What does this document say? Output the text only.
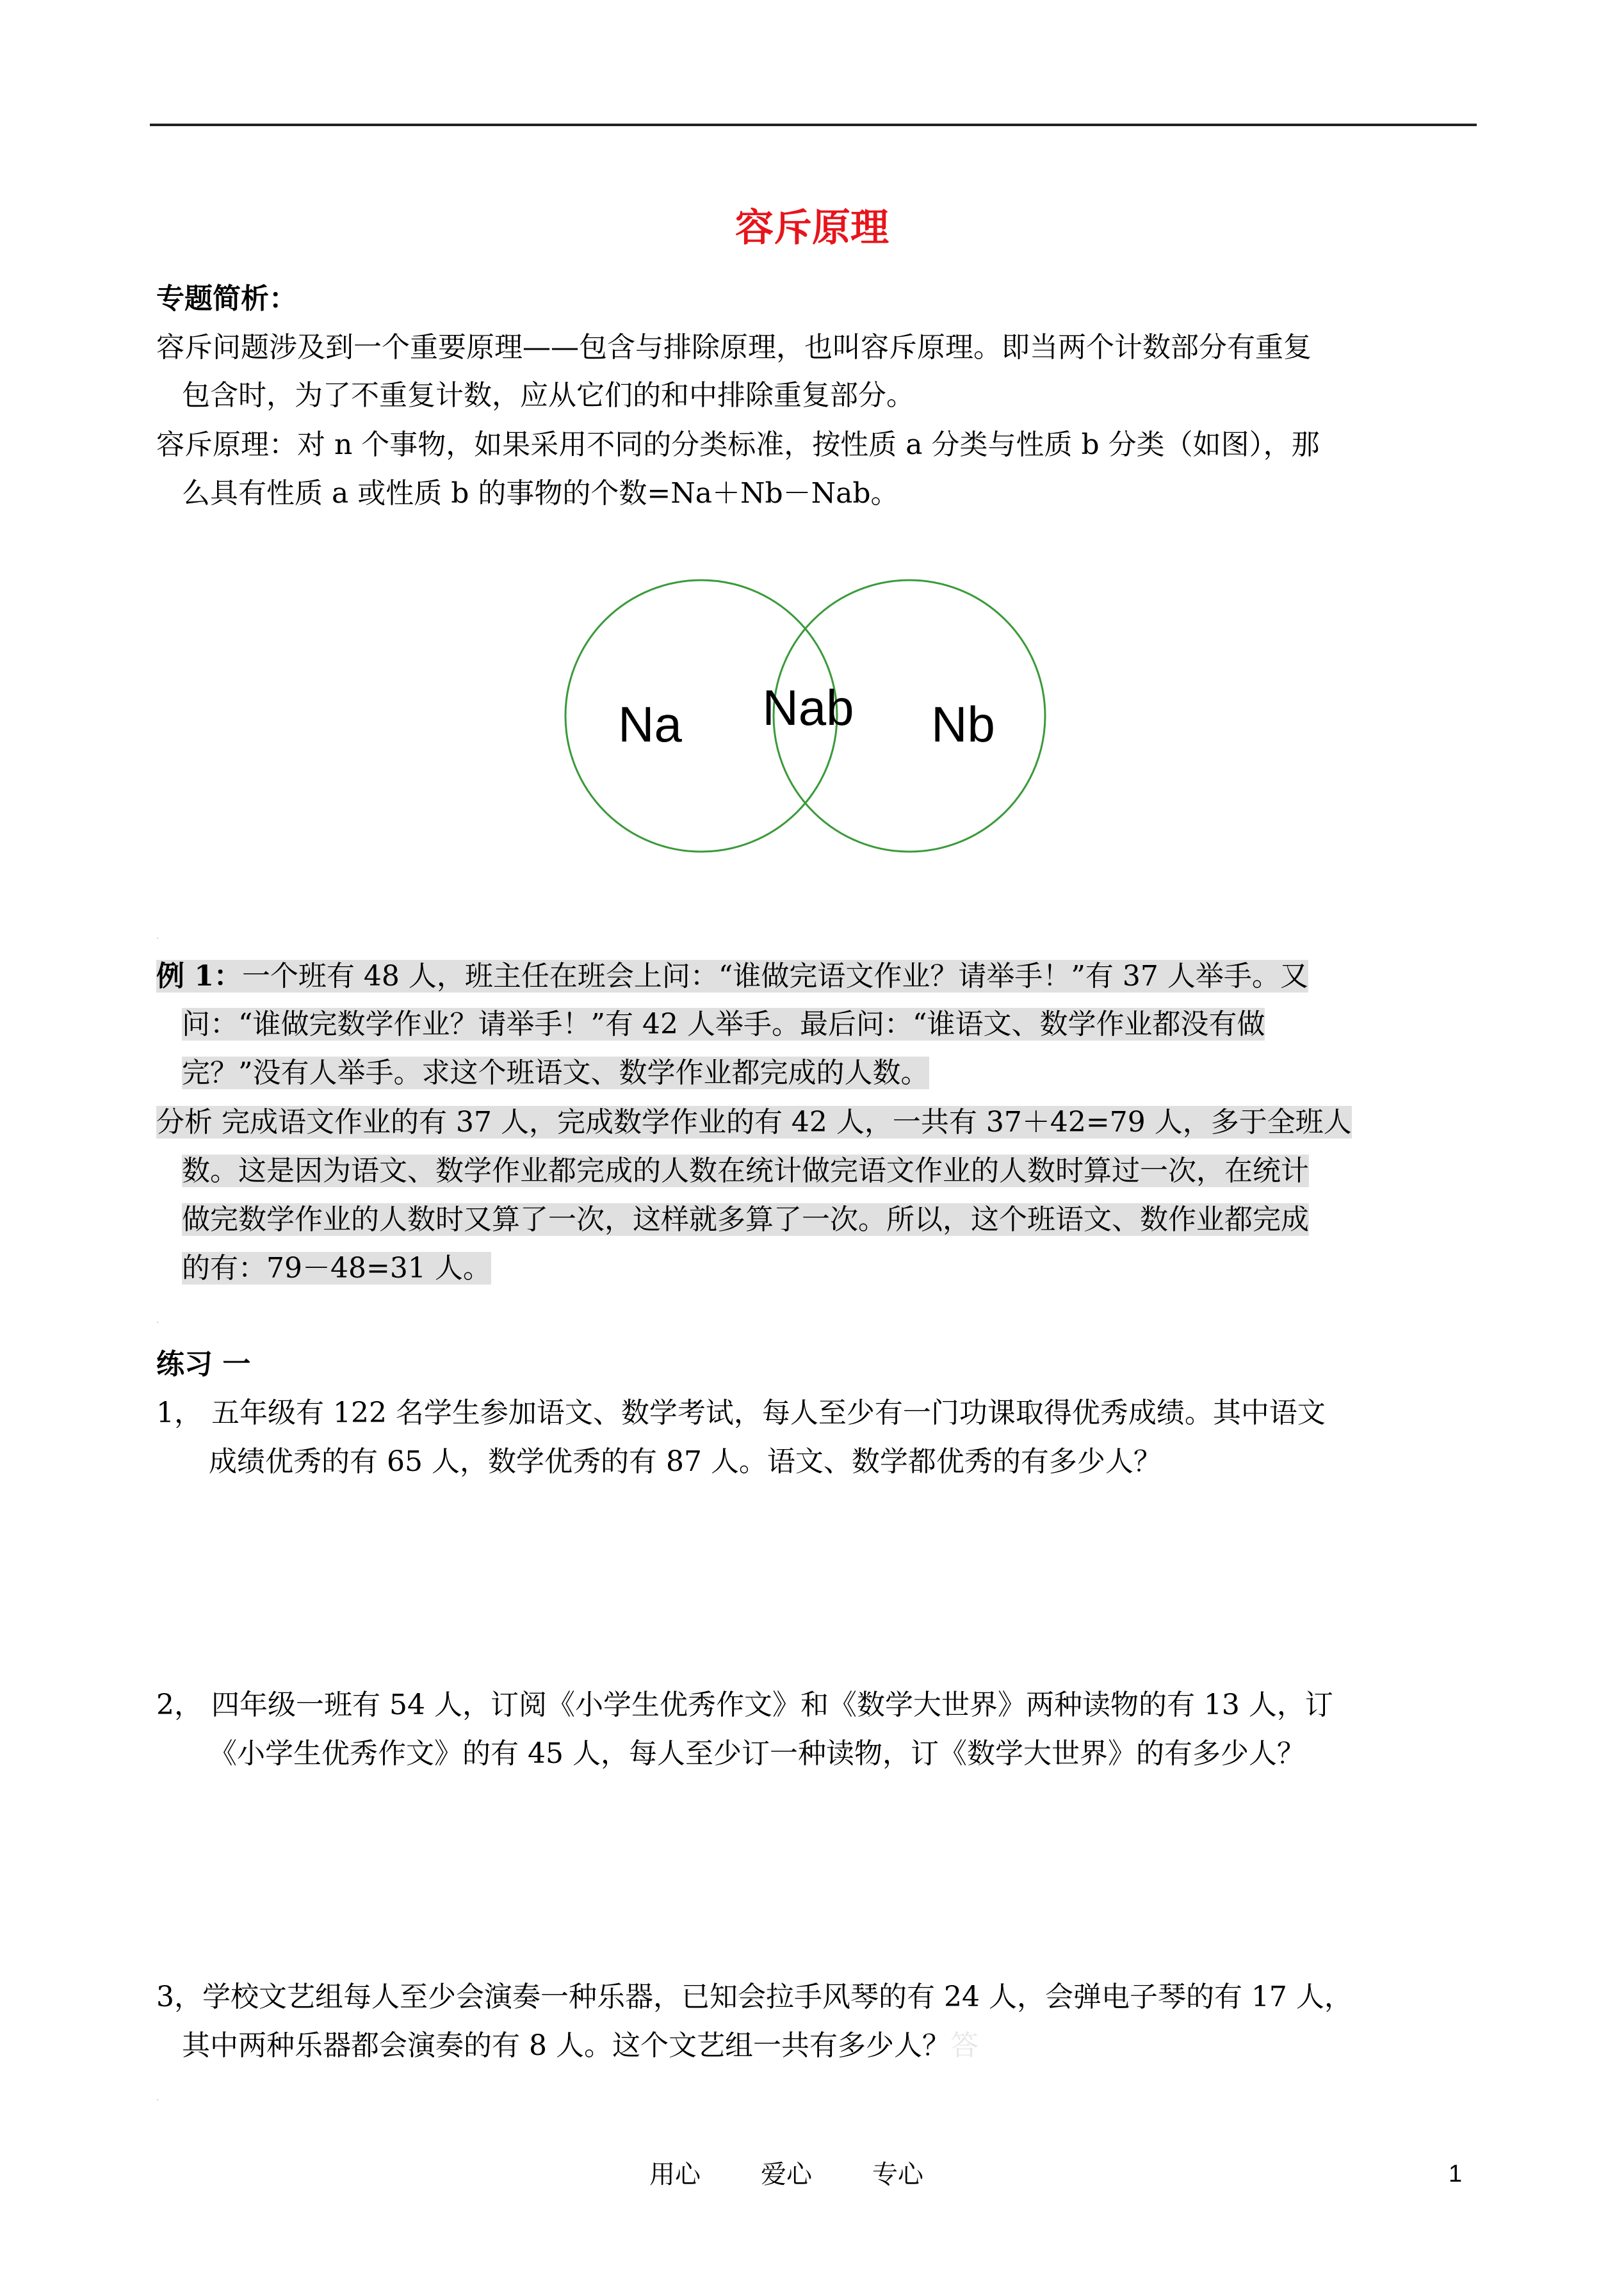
容斥原理
专题简析：
容斥问题涉及到一个重要原理——包含与排除原理，也叫容斥原理。即当两个计数部分有重复
包含时，为了不重复计数，应从它们的和中排除重复部分。
容斥原理：对 n 个事物，如果采用不同的分类标准，按性质 a 分类与性质 b 分类（如图），那
么具有性质 a 或性质 b 的事物的个数=Na＋Nb－Nab。
Na Nab Nb
·
例 1：一个班有 48 人，班主任在班会上问：“谁做完语文作业？请举手！”有 37 人举手。又
问：“谁做完数学作业？请举手！”有 42 人举手。最后问：“谁语文、数学作业都没有做
完？”没有人举手。求这个班语文、数学作业都完成的人数。
分析 完成语文作业的有 37 人，完成数学作业的有 42 人，一共有 37＋42=79 人，多于全班人
数。这是因为语文、数学作业都完成的人数在统计做完语文作业的人数时算过一次，在统计
做完数学作业的人数时又算了一次，这样就多算了一次。所以，这个班语文、数作业都完成
的有：79－48=31 人。
·
练习 一
1， 五年级有 122 名学生参加语文、数学考试，每人至少有一门功课取得优秀成绩。其中语文
成绩优秀的有 65 人，数学优秀的有 87 人。语文、数学都优秀的有多少人？
2， 四年级一班有 54 人，订阅《小学生优秀作文》和《数学大世界》两种读物的有 13 人，订
《小学生优秀作文》的有 45 人，每人至少订一种读物，订《数学大世界》的有多少人？
3，学校文艺组每人至少会演奏一种乐器，已知会拉手风琴的有 24 人，会弹电子琴的有 17 人，
其中两种乐器都会演奏的有 8 人。这个文艺组一共有多少人？答
·
用心 爱心 专心	1
